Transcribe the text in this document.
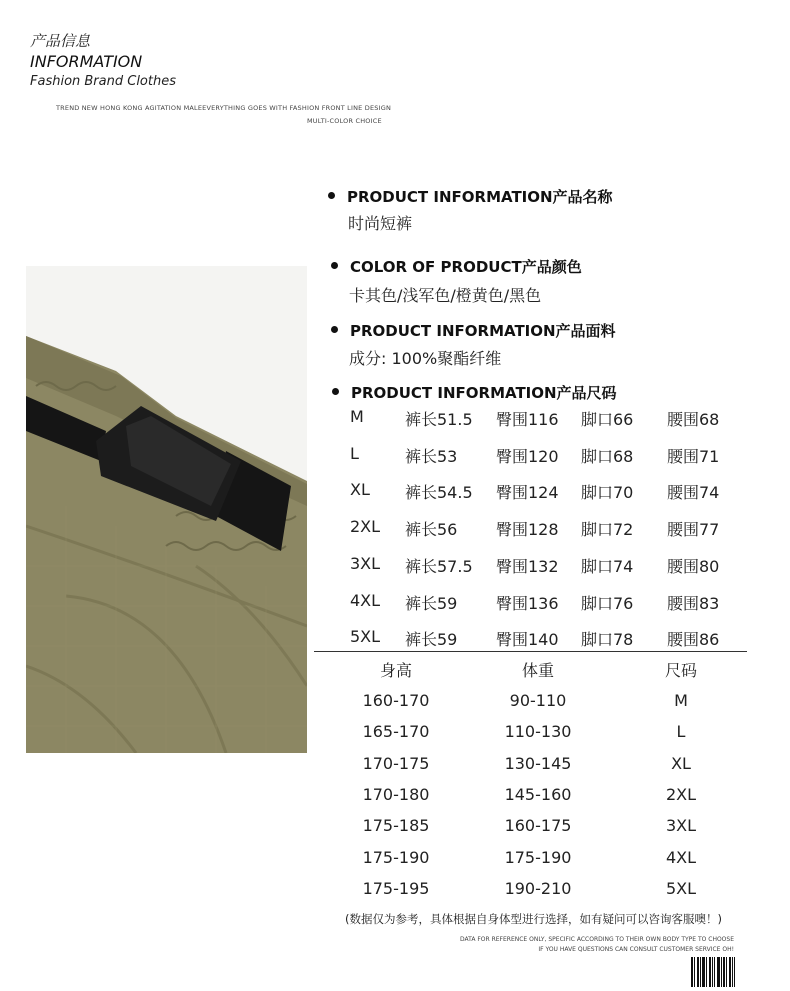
产品信息
INFORMATION
Fashion Brand Clothes
TREND NEW HONG KONG AGITATION MALEEVERYTHING GOES WITH FASHION FRONT LINE DESIGN
MULTI-COLOR CHOICE
PRODUCT INFORMATION产品名称
时尚短裤
COLOR OF PRODUCT产品颜色
卡其色/浅军色/橙黄色/黑色
PRODUCT INFORMATION产品面料
成分: 100%聚酯纤维
PRODUCT INFORMATION产品尺码
M	裤长51.5 臀围116 脚口66 腰围68
L	裤长53 臀围120 脚口68 腰围71
XL 裤长54.5 臀围124 脚口70 腰围74
2XL 裤长56 臀围128 脚口72 腰围77
3XL 裤长57.5 臀围132 脚口74 腰围80
4XL 裤长59 臀围136 脚口76 腰围83
5XL 裤长59 臀围140 脚口78 腰围86
身高	体重	尺码
160-170	90-110	M
165-170	110-130	L
170-175	130-145	XL
170-180	145-160	2XL
175-185	160-175	3XL
175-190	175-190	4XL
175-195	190-210	5XL
(数据仅为参考，具体根据自身体型进行选择，如有疑问可以咨询客服噢！)
DATA FOR REFERENCE ONLY, SPECIFIC ACCORDING TO THEIR OWN BODY TYPE TO CHOOSE
IF YOU HAVE QUESTIONS CAN CONSULT CUSTOMER SERVICE OH!
